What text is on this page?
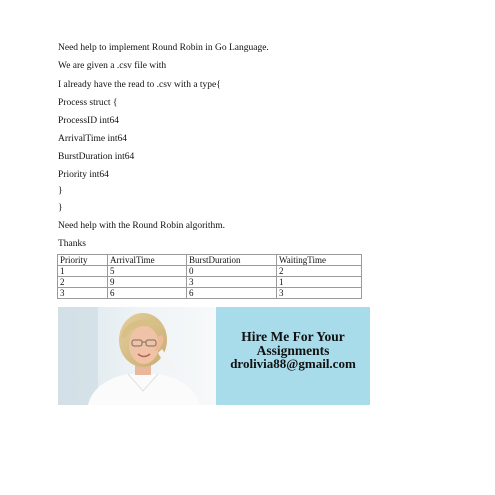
Need help to implement Round Robin in Go Language.
We are given a .csv file with
I already have the read to .csv with a type{
Process struct {
ProcessID int64
ArrivalTime int64
BurstDuration int64
Priority int64
}
}
Need help with the Round Robin algorithm.
Thanks
Priority	ArrivalTime	BurstDuration	WaitingTime
1	5	0	2
2	9	3	1
3	6	6	3
Hire Me For Your
Assignments
drolivia88@gmail.com
